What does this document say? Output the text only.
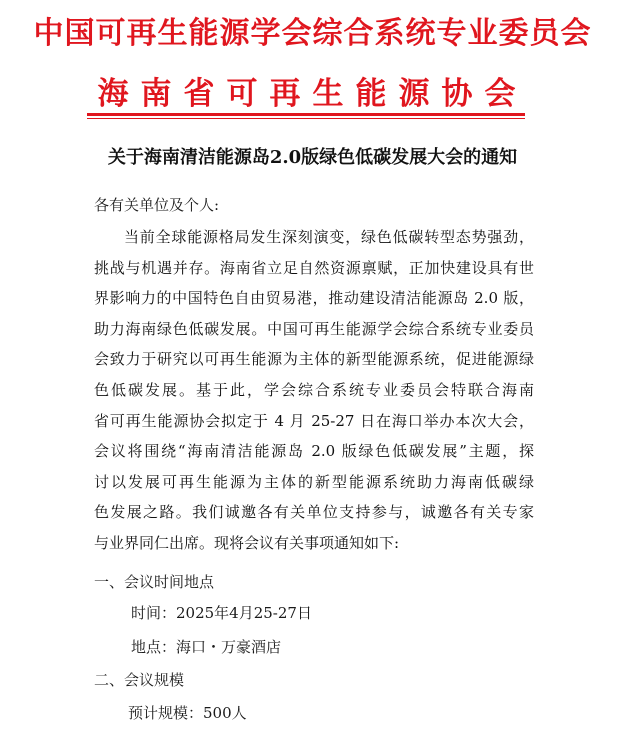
中国可再生能源学会综合系统专业委员会
海南省可再生能源协会
关于海南清洁能源岛2.0版绿色低碳发展大会的通知
各有关单位及个人:
当前全球能源格局发生深刻演变，绿色低碳转型态势强劲，
挑战与机遇并存。海南省立足自然资源禀赋，正加快建设具有世
界影响力的中国特色自由贸易港，推动建设清洁能源岛 2.0 版，
助力海南绿色低碳发展。中国可再生能源学会综合系统专业委员
会致力于研究以可再生能源为主体的新型能源系统，促进能源绿
色低碳发展。基于此，学会综合系统专业委员会特联合海南
省可再生能源协会拟定于 4 月 25-27 日在海口举办本次大会，
会议将围绕“海南清洁能源岛 2.0 版绿色低碳发展”主题，探
讨以发展可再生能源为主体的新型能源系统助力海南低碳绿
色发展之路。我们诚邀各有关单位支持参与，诚邀各有关专家
与业界同仁出席。现将会议有关事项通知如下:
一、会议时间地点
时间：2025年4月25-27日
地点：海口・万豪酒店
二、会议规模
预计规模：500人
